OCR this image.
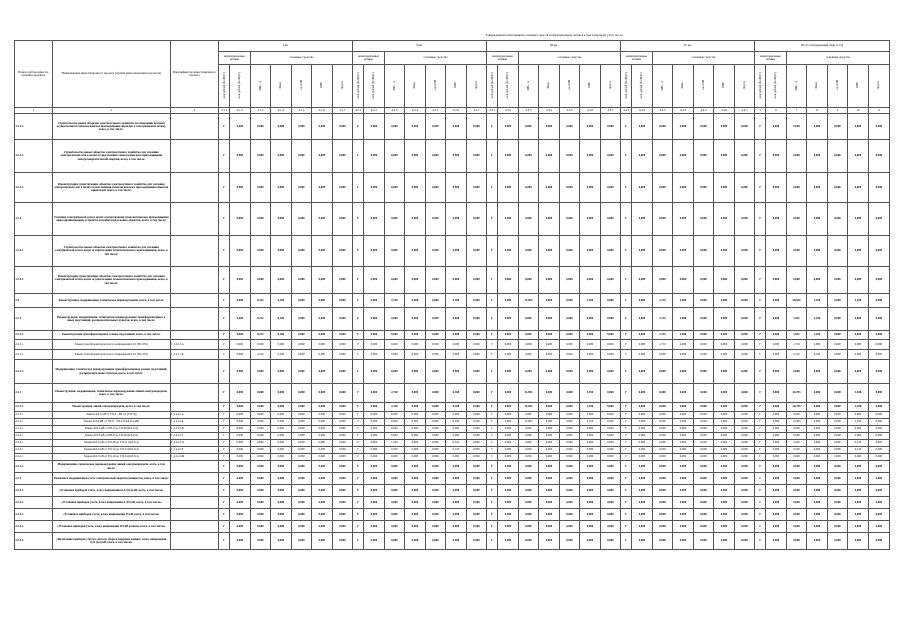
			Утвержденный план принятия основных средств и нематериальных активов к бухгалтерскому учету на год																																		
Номер группы инвести-ционных проектов	Наименование инвестиционного проекта (группы инвестиционных проектов)	Идентификатор инвестиционного проекта	I кв.							II кв.							III кв.							IV кв.							Итого утвержденный план за год						
			нематериальные активы		основные средства					нематериальные активы		основные средства					нематериальные активы		основные средства					нематериальные активы		основные средства					нематериальные активы		основные средства				
			млн рублей (без НДС)	млн рублей (без НДС)	МВ×А	Мвар	км ЛЭП	МВт	Другое	млн рублей (без НДС)	млн рублей (без НДС)	МВ×А	Мвар	км ЛЭП	МВт	Другое	млн рублей (без НДС)	млн рублей (без НДС)	МВ×А	Мвар	км ЛЭП	МВт	Другое	млн рублей (без НДС)	млн рублей (без НДС)	МВ×А	Мвар	км ЛЭП	МВт	Другое	млн рублей (без НДС)	млн рублей (без НДС)	МВ×А	Мвар	км ЛЭП	МВт	Другое

1	2	3	4.1.1	4.1.2	4.1.3	4.1.4	4.1.5	4.1.6	4.1.7	4.2.1	4.2.2	4.2.3	4.2.4	4.2.5	4.2.6	4.2.7	4.3.1	4.3.2	4.3.3	4.3.4	4.3.5	4.3.6	4.3.7	4.4.1	4.4.2	4.4.3	4.4.4	4.4.5	4.4.6	4.4.7	5	6	7	8	9	10	11
1.2.2.2	Строительство новых объектов электросетевого хозяйства (в отношении которых осуществляется технологическое присоединение объектов к электрическим сетям), всего, в том числе:		Г	0,000	0,000	0,000	0,000	0,000	0,000	Г	0,000	0,000	0,000	0,000	0,000	0,000	Г	0,000	0,000	0,000	0,000	0,000	0,000	Г	0,000	0,000	0,000	0,000	0,000	0,000	Г	0,000	0,000	0,000	0,000	0,000	0,000
1.2.3.2	Строительство новых объектов электросетевого хозяйства для усиления электрической сети в целях осуществления технологического присоединения электроэнергетической энергии, всего, в том числе:		Г	0,000	0,000	0,000	0,000	0,000	0,000	Г	0,000	0,000	0,000	0,000	0,000	0,000	Г	0,000	0,000	0,000	0,000	0,000	0,000	Г	0,000	0,000	0,000	0,000	0,000	0,000	Г	0,000	0,000	0,000	0,000	0,000	0,000
1.2.3.2	Реконструкция существующих объектов электросетевого хозяйства для усиления электрической сети в целях осуществления технологического присоединения объектов заявителей, всего, в том числе:		Г	0,000	0,000	0,000	0,000	0,000	0,000	Г	0,000	0,000	0,000	0,000	0,000	0,000	Г	0,000	0,000	0,000	0,000	0,000	0,000	Г	0,000	0,000	0,000	0,000	0,000	0,000	Г	0,000	0,000	0,000	0,000	0,000	0,000
1.2.4	Усиление электрической сети в целях осуществления технологического присоединения энергопринимающих устройств потребителей и новых объектов, всего, в том числе:		Г	0,000	0,000	0,000	0,000	0,000	0,000	Г	0,000	0,000	0,000	0,000	0,000	0,000	Г	0,000	0,000	0,000	0,000	0,000	0,000	Г	0,000	0,000	0,000	0,000	0,000	0,000	Г	0,000	0,000	0,000	0,000	0,000	0,000
1.2.4.1	Строительство новых объектов электросетевого хозяйства для усиления электрической сети в целях осуществления технологического присоединения, всего, в том числе:		Г	0,000	0,000	0,000	0,000	0,000	0,000	Г	0,000	0,000	0,000	0,000	0,000	0,000	Г	0,000	0,000	0,000	0,000	0,000	0,000	Г	0,000	0,000	0,000	0,000	0,000	0,000	Г	0,000	0,000	0,000	0,000	0,000	0,000
1.2.4.2	Реконструкция существующих объектов электросетевого хозяйства для усиления электрической сети в целях осуществления технологического присоединения, всего, в том числе:		Г	0,000	0,000	0,000	0,000	0,000	0,000	Г	0,000	0,000	0,000	0,000	0,000	0,000	Г	0,000	0,000	0,000	0,000	0,000	0,000	Г	0,000	0,000	0,000	0,000	0,000	0,000	Г	0,000	0,000	0,000	0,000	0,000	0,000
2.2	Реконструкция, модернизация, техническое перевооружение, всего, в том числе:		Г	0,000	0,232	0,160	0,000	0,000	0,000	Г	0,000	2,740	0,000	0,000	0,368	0,000	Г	0,000	13,963	0,000	0,000	2,550	0,000	Г	0,000	1,719	2,000	0,000	0,000	0,000	Г	0,000	28,654	2,160	0,000	3,188	0,000
2.2.1	Реконструкция, модернизация, техническое перевооружение трансформаторных и иных подстанций, распределительных пунктов, всего, в том числе:		Г	0,000	0,232	0,160	0,000	0,000	0,000	Г	0,000	0,000	0,000	0,000	0,000	0,000	Г	0,000	0,000	0,000	0,000	0,000	0,000	Г	0,000	1,719	2,000	0,000	0,000	0,000	Г	0,000	1,951	2,160	0,000	0,000	0,000
2.2.1.1	Реконструкция трансформаторных и иных подстанций, всего, в том числе:		Г	0,000	0,232	0,160	0,000	0,000	0,000	Г	0,000	0,000	0,000	0,000	0,000	0,000	Г	0,000	0,000	0,000	0,000	0,000	0,000	Г	0,000	1,719	2,000	0,000	0,000	0,000	Г	0,000	1,951	2,160	0,000	0,000	0,000
2.2.1.1	Замена трансформаторов класса напряжения 6-10 (ТП-352)	J_2.2.1.1А	Г	0,000	0,000	0,000	0,000	0,000	0,000	Г	0,000	0,000	0,000	0,000	0,000	0,000	Г	0,000	0,000	0,000	0,000	0,000	0,000	Г	0,000	1,719	2,000	0,000	0,000	0,000	Г	0,000	1,719	2,000	0,000	0,000	0,000
2.2.1.1	Замена трансформаторов класса напряжения 6-10 (ТП-352)	J_2.2.1.1Б	Г	0,000	0,232	0,160	0,000	0,000	0,000	Г	0,000	0,000	0,000	0,000	0,000	0,000	Г	0,000	0,000	0,000	0,000	0,000	0,000	Г	0,000	0,000	0,000	0,000	0,000	0,000	Г	0,000	0,232	0,160	0,000	0,000	0,000
2.2.1.2	Модернизация, техническое перевооружение трансформаторных и иных подстанций, распределительных пунктов, всего, в том числе:		Г	0,000	0,000	0,000	0,000	0,000	0,000	Г	0,000	0,000	0,000	0,000	0,000	0,000	Г	0,000	0,000	0,000	0,000	0,000	0,000	Г	0,000	0,000	0,000	0,000	0,000	0,000	Г	0,000	0,000	0,000	0,000	0,000	0,000
2.2.2	Реконструкция, модернизация, техническое перевооружение линий электропередачи, всего, в том числе:		Г	0,000	0,000	0,000	0,000	0,000	0,000	Г	0,000	2,740	0,000	0,000	0,368	0,000	Г	0,000	13,963	0,000	0,000	2,550	0,000	Г	0,000	0,000	0,000	0,000	0,000	0,000	Г	0,000	26,703	0,000	0,000	3,188	0,000
2.2.2.1	Реконструкция линий электропередачи, всего, в том числе:		Г	0,000	0,000	0,000	0,000	0,000	0,000	Г	0,000	2,740	0,000	0,000	0,368	0,000	Г	0,000	13,963	0,000	0,000	2,550	0,000	Г	0,000	0,000	0,000	0,000	0,000	0,000	Г	0,000	26,703	0,000	0,000	3,188	0,000
2.2.2.1	Замена КЛ-6 кВ от ТП-4 - РП-14 (ТП-76)	J_2.2.2.1А	Г	0,000	0,000	0,000	0,000	0,000	0,000	Г	0,000	0,000	0,000	0,000	0,000	0,000	Г	0,000	0,000	0,000	0,000	0,000	0,000	Г	0,000	0,000	0,000	0,000	0,000	0,000	Г	0,000	0,000	0,000	0,000	0,000	0,000
2.2.2.1	Замена КЛ-6 кВ от ТП-8 - ТП-23 (КЛ-0,4 кВ)	J_2.2.2.1Б	Г	0,000	0,000	0,000	0,000	0,000	0,000	Г	0,000	0,000	0,000	0,000	0,000	0,000	Г	0,000	13,963	0,000	0,000	2,550	0,000	Г	0,000	0,000	0,000	0,000	0,000	0,000	Г	0,000	13,963	0,000	0,000	2,550	0,000
2.2.2.1	Замена КЛ-6 кВ от РП-8 до ТП-28 (КЛ-0,4)	J_2.2.2.1В	Г	0,000	0,000	0,000	0,000	0,000	0,000	Г	0,000	0,000	0,000	0,000	0,000	0,000	Г	0,000	0,000	0,000	0,000	0,000	0,000	Г	0,000	0,000	0,000	0,000	0,000	0,000	Г	0,000	0,000	0,000	0,000	0,000	0,000
2.2.2.1	Замена КЛ-6 кВ от РП-8 до ТП-28 (КЛ-0,4)	J_2.2.2.1Г	Г	0,000	0,000	0,000	0,000	0,000	0,000	Г	0,000	0,000	0,000	0,000	0,000	0,000	Г	0,000	0,000	0,000	0,000	0,000	0,000	Г	0,000	0,000	0,000	0,000	0,000	0,000	Г	0,000	0,000	0,000	0,000	0,000	0,000
2.2.2.1	Замена КЛ-6 кВ от ТП-28 до ТП-21 (КЛ-0,4)	J_2.2.2.1Д	Г	0,000	0,000	0,000	0,000	0,000	0,000	Г	0,000	1,020	0,000	0,000	0,124	0,000	Г	0,000	0,000	0,000	0,000	0,000	0,000	Г	0,000	0,000	0,000	0,000	0,000	0,000	Г	0,000	1,020	0,000	0,000	0,124	0,000
2.2.2.1	Замена КЛ-6 кВ от ТП-14 до ТП-23 (КЛ-0,4)	J_2.2.2.1Е	Г	0,000	0,000	0,000	0,000	0,000	0,000	Г	0,000	0,520	0,000	0,000	0,120	0,000	Г	0,000	0,000	0,000	0,000	0,000	0,000	Г	0,000	0,000	0,000	0,000	0,000	0,000	Г	0,000	0,520	0,000	0,000	0,120	0,000
2.2.2.1	Замена КЛ-6 кВ от ТП-16 до ТП-34 (КЛ-0,4)	J_2.2.2.1Ж	Г	0,000	0,000	0,000	0,000	0,000	0,000	Г	0,000	0,000	0,000	0,000	0,000	0,000	Г	0,000	0,000	0,000	0,000	0,000	0,000	Г	0,000	0,000	0,000	0,000	0,000	0,000	Г	0,000	0,000	0,000	0,000	0,000	0,000
2.2.2.2	Модернизация, техническое перевооружение линий электропередачи, всего, в том числе:		Г	0,000	0,000	0,000	0,000	0,000	0,000	Г	0,000	0,000	0,000	0,000	0,000	0,000	Г	0,000	0,000	0,000	0,000	0,000	0,000	Г	0,000	0,000	0,000	0,000	0,000	0,000	Г	0,000	0,000	0,000	0,000	0,000	0,000
2.2.3	Развитие и модернизация учета электрической энергии (мощности), всего, в том числе:		Г	0,000	0,000	0,000	0,000	0,000	0,000	Г	0,000	0,000	0,000	0,000	0,000	0,000	Г	0,000	0,000	0,000	0,000	0,000	0,000	Г	0,000	0,000	0,000	0,000	0,000	0,000	Г	0,000	0,000	0,000	0,000	0,000	0,000
2.2.3.1	«Установка приборов учета, класс напряжения 0,22 (0,4) кВ, всего, в том числе»		Г	0,000	0,000	0,000	0,000	0,000	0,000	Г	0,000	0,000	0,000	0,000	0,000	0,000	Г	0,000	0,000	0,000	0,000	0,000	0,000	Г	0,000	0,000	0,000	0,000	0,000	0,000	Г	0,000	0,000	0,000	0,000	0,000	0,000
2.2.3.2	«Установка приборов учета, класс напряжения 6 (10) кВ, всего, в том числе»		Г	0,000	0,000	0,000	0,000	0,000	0,000	Г	0,000	0,000	0,000	0,000	0,000	0,000	Г	0,000	0,000	0,000	0,000	0,000	0,000	Г	0,000	0,000	0,000	0,000	0,000	0,000	Г	0,000	0,000	0,000	0,000	0,000	0,000
2.2.3.3	«Установка приборов учета, класс напряжения 35 кВ, всего, в том числе»		Г	0,000	0,000	0,000	0,000	0,000	0,000	Г	0,000	0,000	0,000	0,000	0,000	0,000	Г	0,000	0,000	0,000	0,000	0,000	0,000	Г	0,000	0,000	0,000	0,000	0,000	0,000	Г	0,000	0,000	0,000	0,000	0,000	0,000
2.2.3.4	«Установка приборов учета, класс напряжения 110 кВ и выше, всего, в том числе»		Г	0,000	0,000	0,000	0,000	0,000	0,000	Г	0,000	0,000	0,000	0,000	0,000	0,000	Г	0,000	0,000	0,000	0,000	0,000	0,000	Г	0,000	0,000	0,000	0,000	0,000	0,000	Г	0,000	0,000	0,000	0,000	0,000	0,000
2.2.3.5	«Включение приборов учета в систему сбора и передачи данных, класс напряжения 0,22 (0,4) кВ, всего, в том числе»		Г	0,000	0,000	0,000	0,000	0,000	0,000	Г	0,000	0,000	0,000	0,000	0,000	0,000	Г	0,000	0,000	0,000	0,000	0,000	0,000	Г	0,000	0,000	0,000	0,000	0,000	0,000	Г	0,000	0,000	0,000	0,000	0,000	0,000
